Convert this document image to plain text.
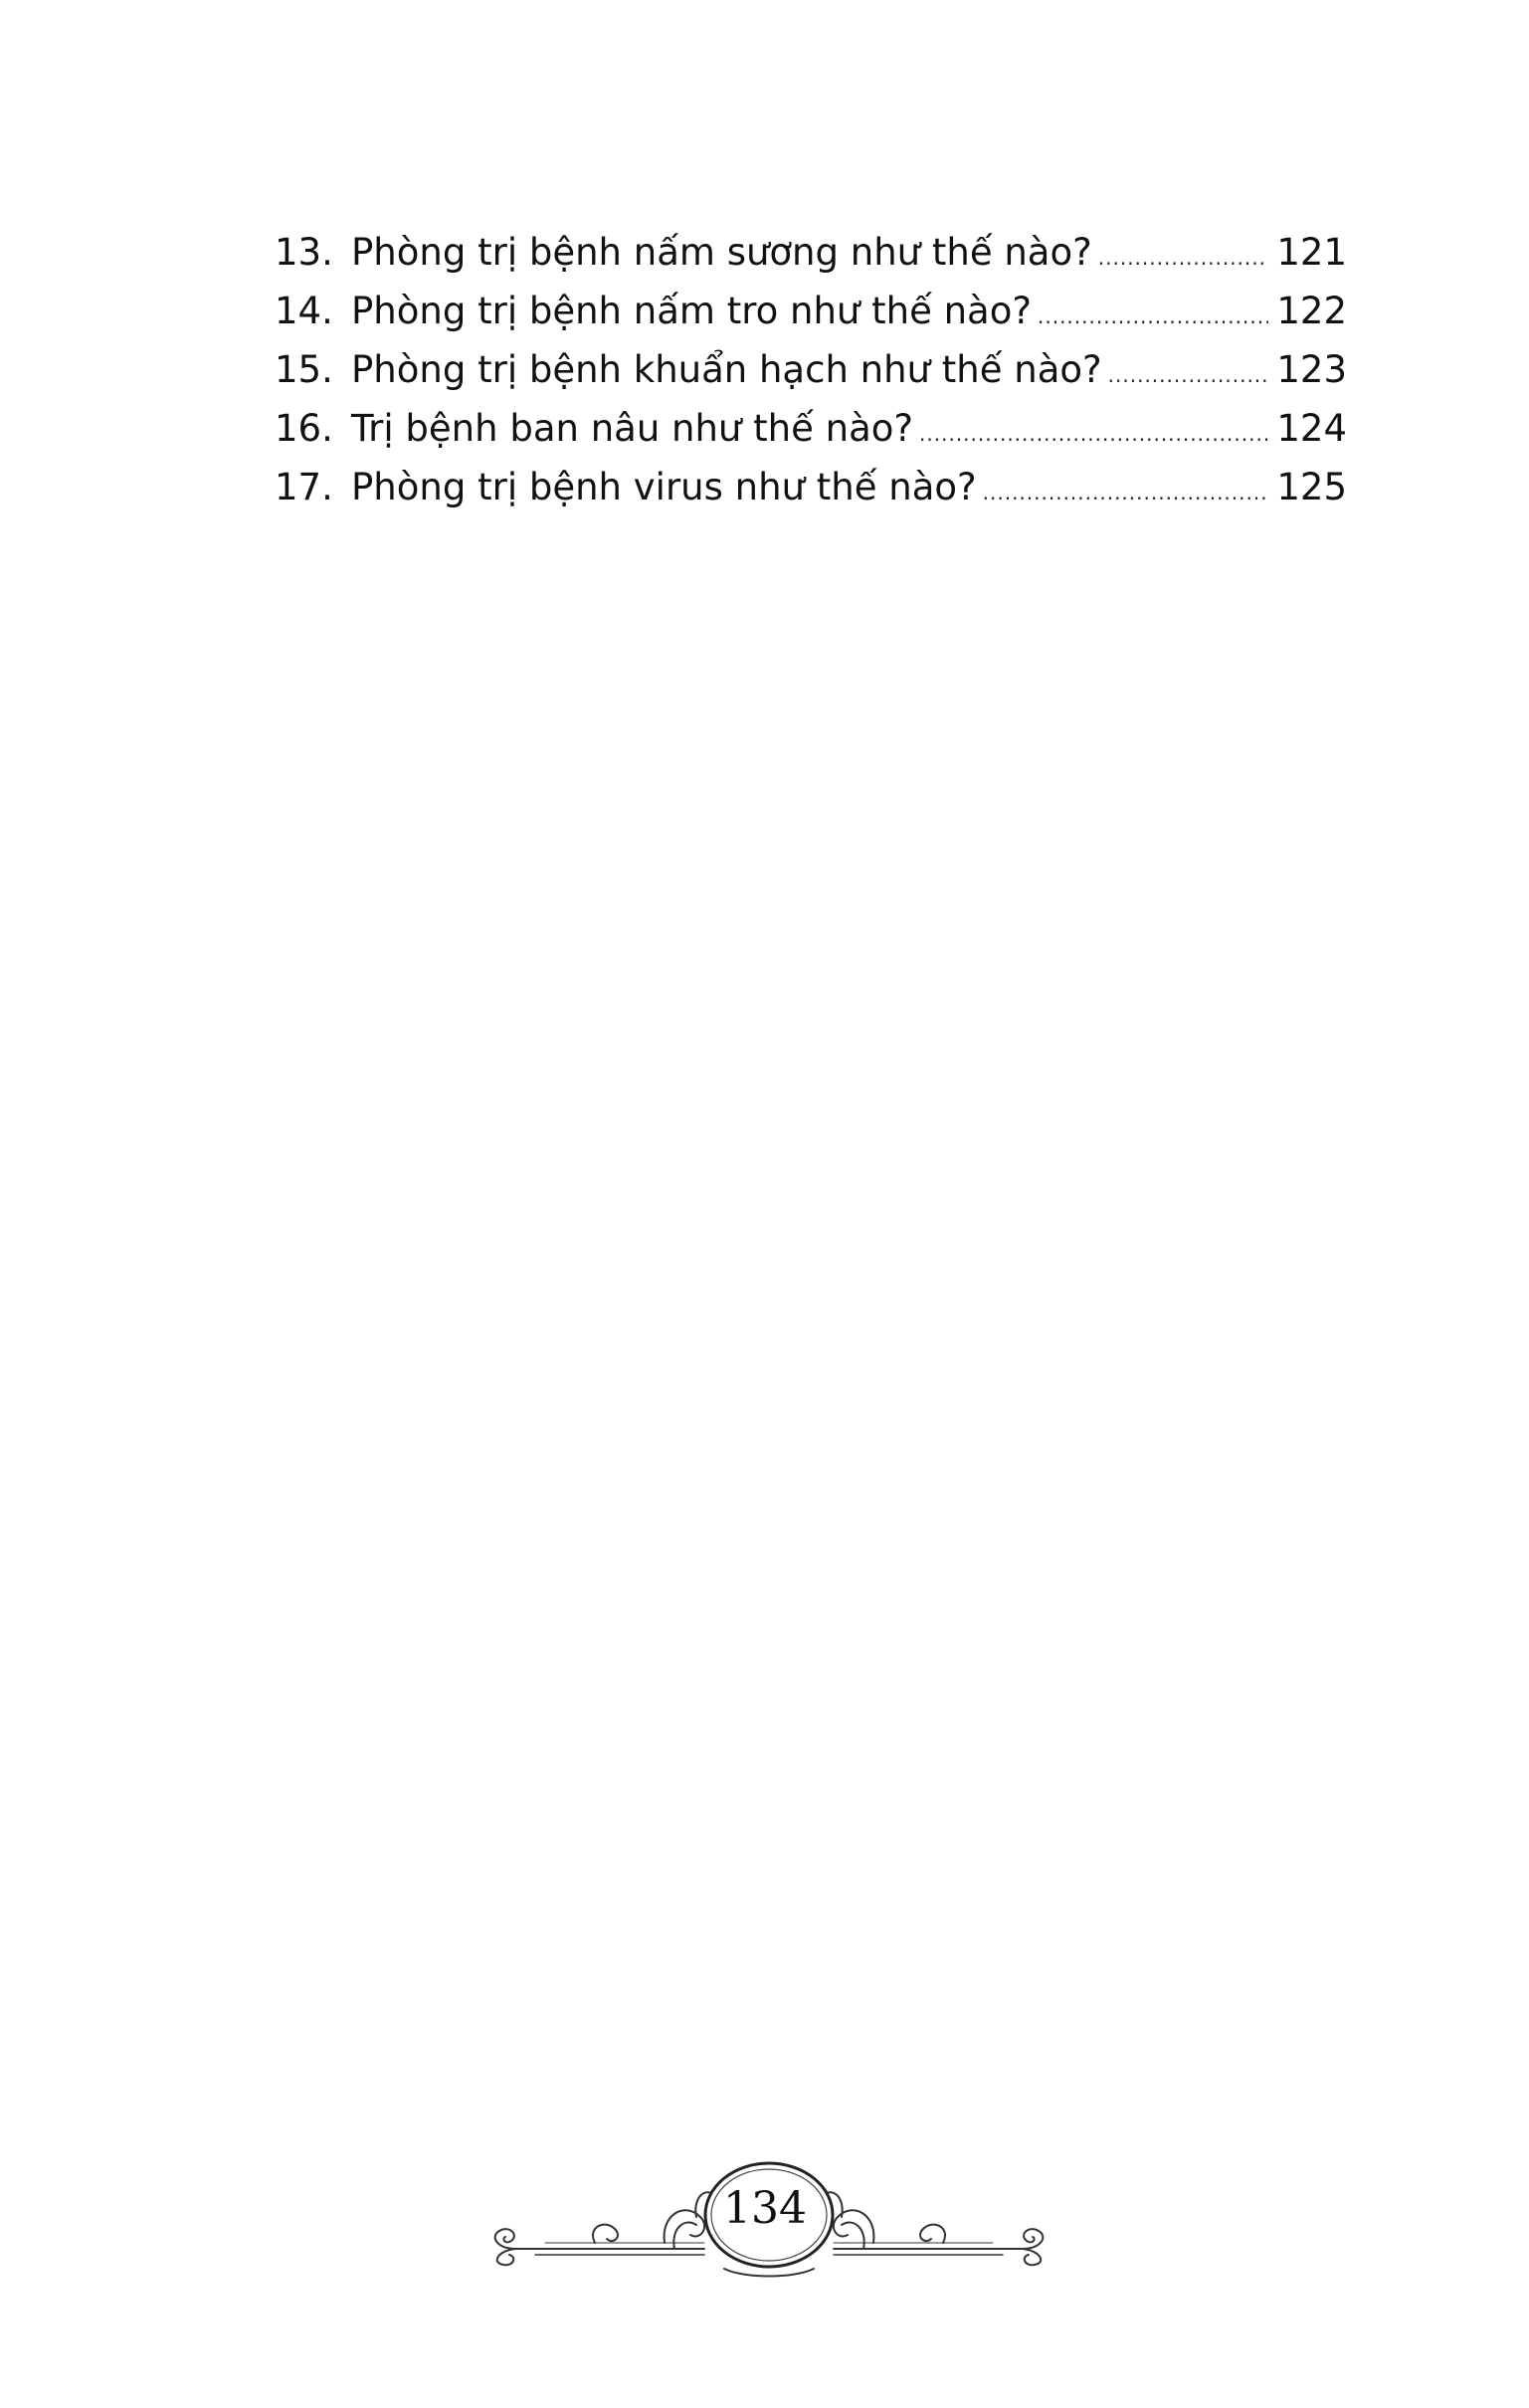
13. Phòng trị bệnh nấm sương như thế nào? .....	121
14. Phòng trị bệnh nấm tro như thế nào? .....	122
15. Phòng trị bệnh khuẩn hạch như thế nào? .....	123
16. Trị bệnh ban nâu như thế nào? .....	124
17. Phòng trị bệnh virus như thế nào? .....	125
134
